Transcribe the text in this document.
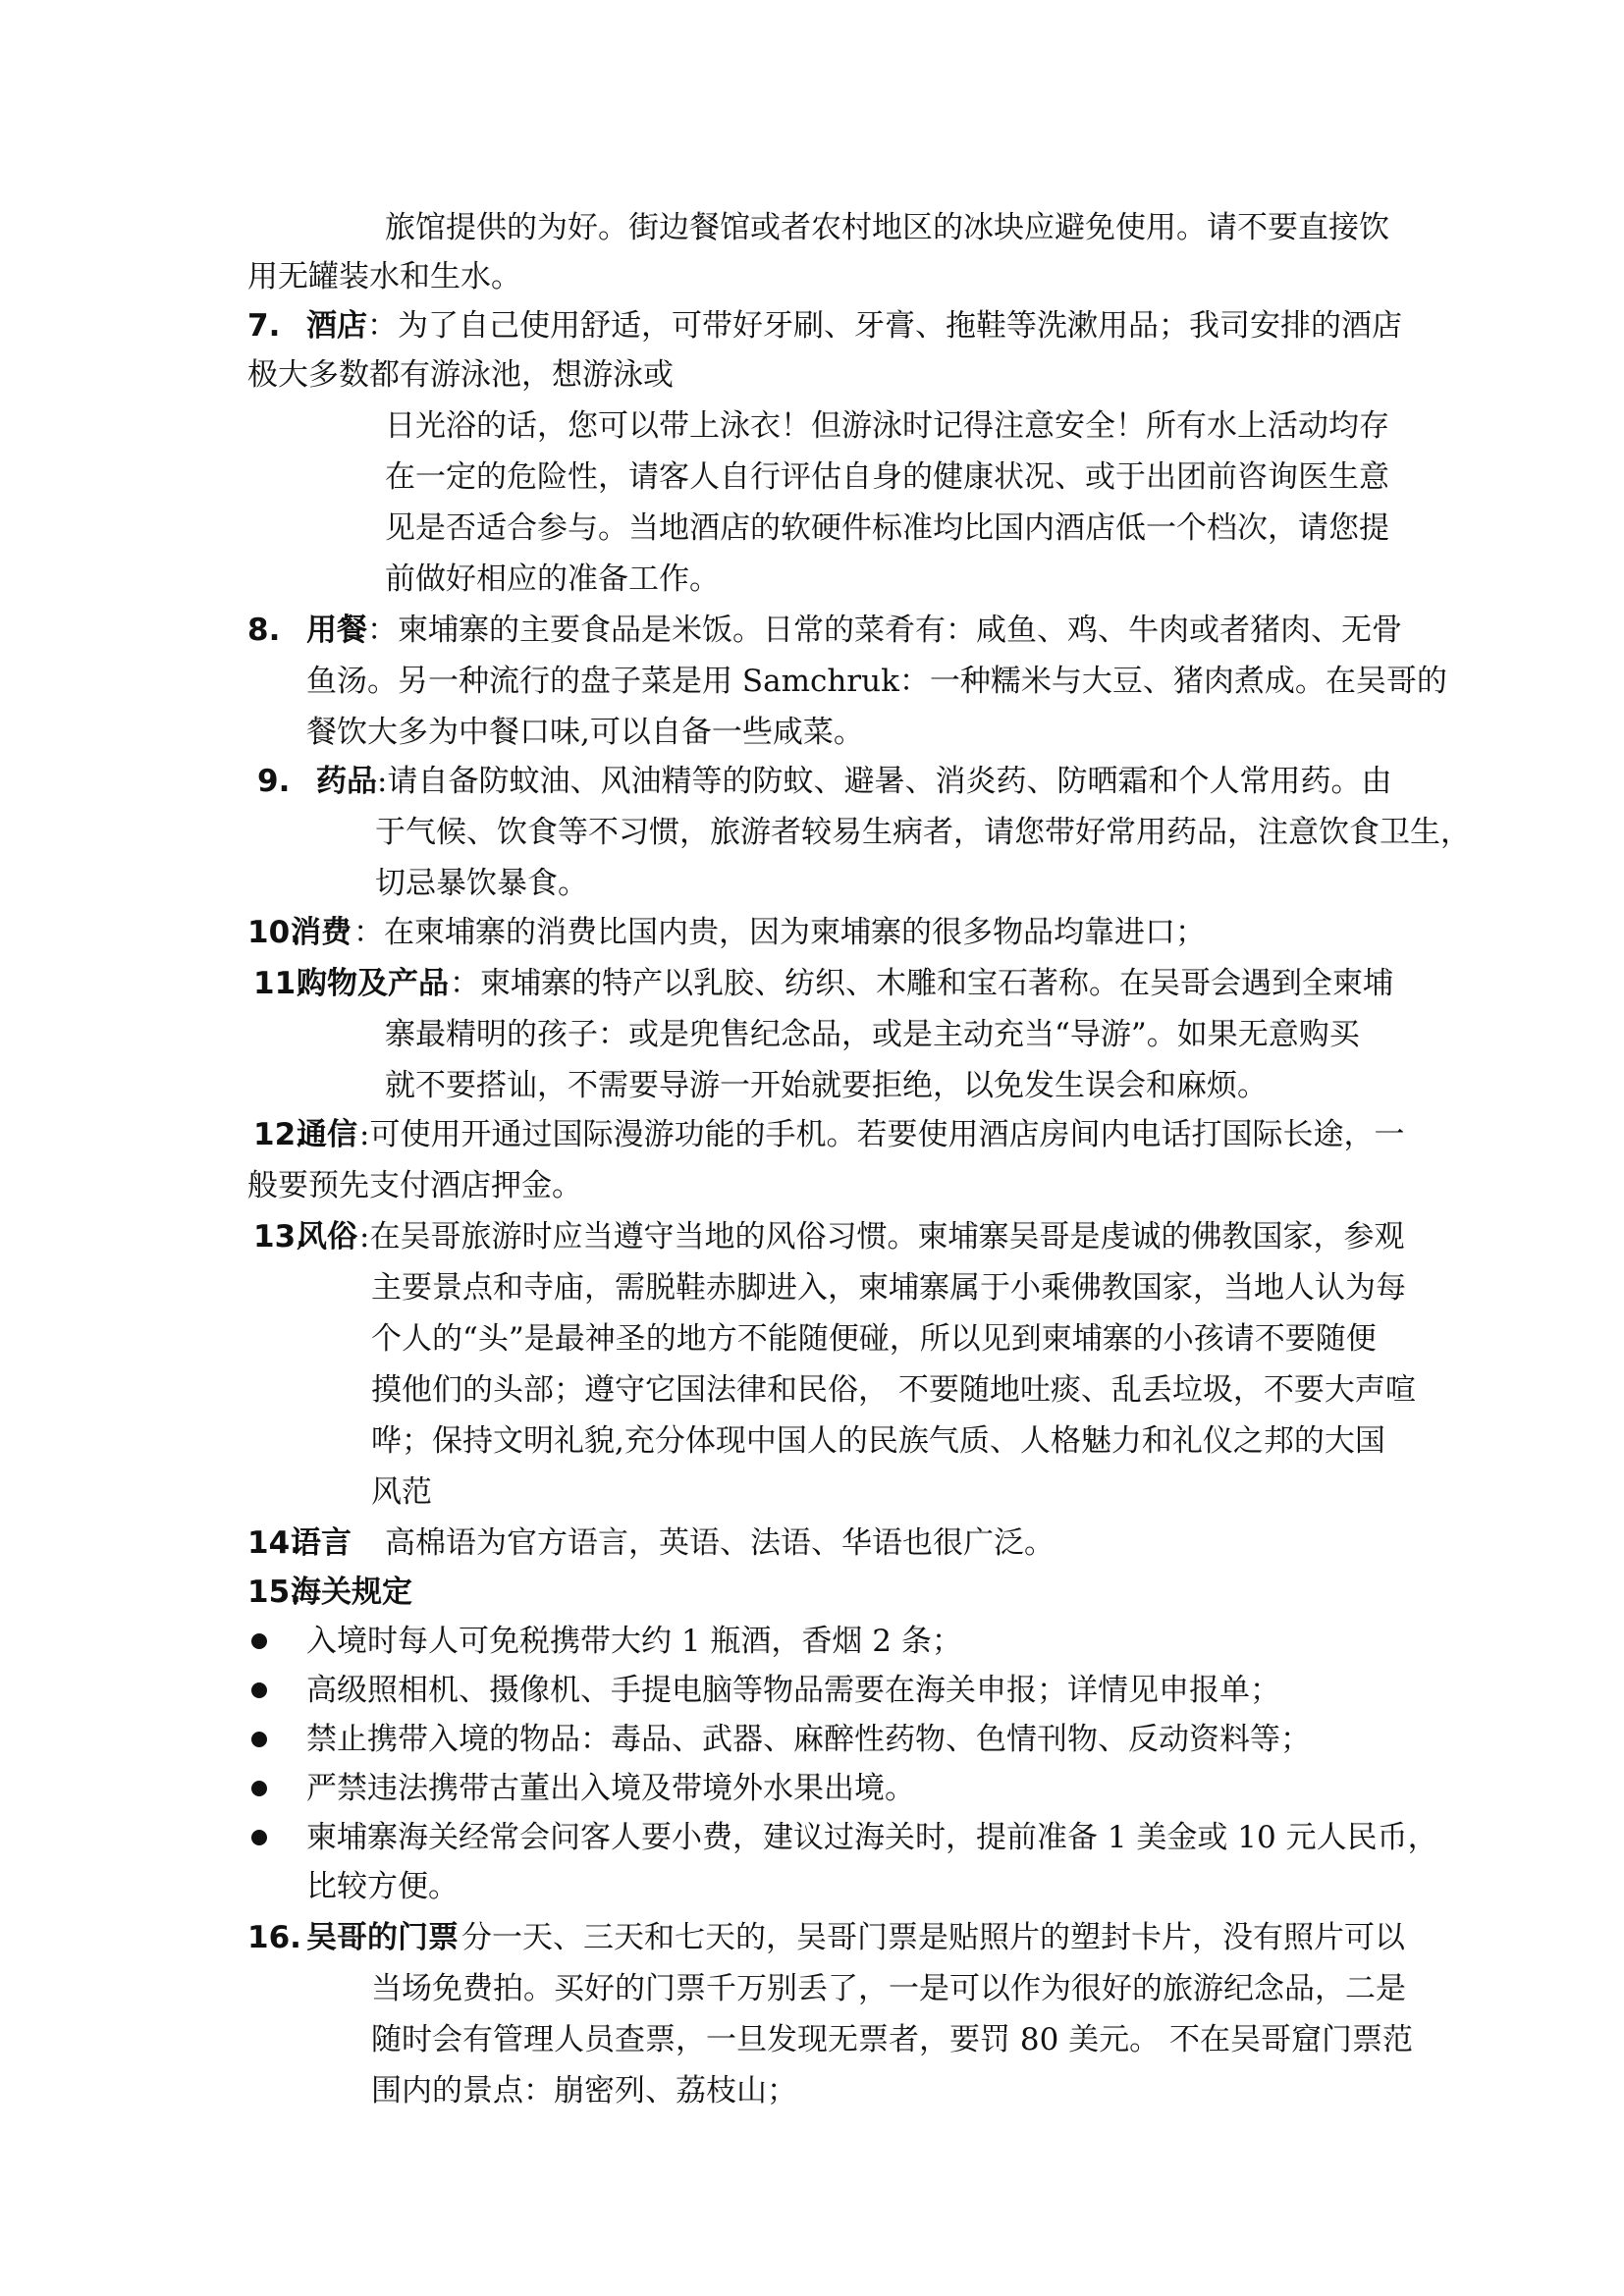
旅馆提供的为好。街边餐馆或者农村地区的冰块应避免使用。请不要直接饮
用无罐装水和生水。
7. 酒店 ：为了自己使用舒适，可带好牙刷、牙膏、拖鞋等洗漱用品；我司安排的酒店
极大多数都有游泳池，想游泳或
日光浴的话，您可以带上泳衣！但游泳时记得注意安全！所有水上活动均存
在一定的危险性，请客人自行评估自身的健康状况、或于出团前咨询医生意
见是否适合参与。当地酒店的软硬件标准均比国内酒店低一个档次，请您提
前做好相应的准备工作。
8. 用餐 ：柬埔寨的主要食品是米饭。日常的菜肴有：咸鱼、鸡、牛肉或者猪肉、无骨
鱼汤。另一种流行的盘子菜是用 Samchruk：一种糯米与大豆、猪肉煮成。在吴哥的
餐饮大多为中餐口味,可以自备一些咸菜。
9. 药品 :请自备防蚊油、风油精等的防蚊、避暑、消炎药、防晒霜和个人常用药。由
于气候、饮食等不习惯，旅游者较易生病者，请您带好常用药品，注意饮食卫生，
切忌暴饮暴食。
10.
消费 ：在柬埔寨的消费比国内贵，因为柬埔寨的很多物品均靠进口；
11.
购物及产品 ：柬埔寨的特产以乳胶、纺织、木雕和宝石著称。在吴哥会遇到全柬埔
寨最精明的孩子：或是兜售纪念品，或是主动充当“导游”。如果无意购买
就不要搭讪，不需要导游一开始就要拒绝，以免发生误会和麻烦。
12.
通信 :可使用开通过国际漫游功能的手机。若要使用酒店房间内电话打国际长途，一
般要预先支付酒店押金。
13.
风俗 :在吴哥旅游时应当遵守当地的风俗习惯。柬埔寨吴哥是虔诚的佛教国家，参观
主要景点和寺庙，需脱鞋赤脚进入，柬埔寨属于小乘佛教国家，当地人认为每
个人的“头”是最神圣的地方不能随便碰，所以见到柬埔寨的小孩请不要随便
摸他们的头部；遵守它国法律和民俗， 不要随地吐痰、乱丢垃圾，不要大声喧
哗；保持文明礼貌,充分体现中国人的民族气质、人格魅力和礼仪之邦的大国
风范
14.
语言 高棉语为官方语言，英语、法语、华语也很广泛。
15.
海关规定
入境时每人可免税携带大约 1 瓶酒，香烟 2 条；
高级照相机、摄像机、手提电脑等物品需要在海关申报；详情见申报单；
禁止携带入境的物品：毒品、武器、麻醉性药物、色情刊物、反动资料等；
严禁违法携带古董出入境及带境外水果出境。
柬埔寨海关经常会问客人要小费，建议过海关时，提前准备 1 美金或 10 元人民币，
比较方便。
16. 吴哥的门票 分一天、三天和七天的，吴哥门票是贴照片的塑封卡片，没有照片可以
当场免费拍。买好的门票千万别丢了，一是可以作为很好的旅游纪念品，二是
随时会有管理人员查票，一旦发现无票者，要罚 80 美元。 不在吴哥窟门票范
围内的景点：崩密列、荔枝山；
